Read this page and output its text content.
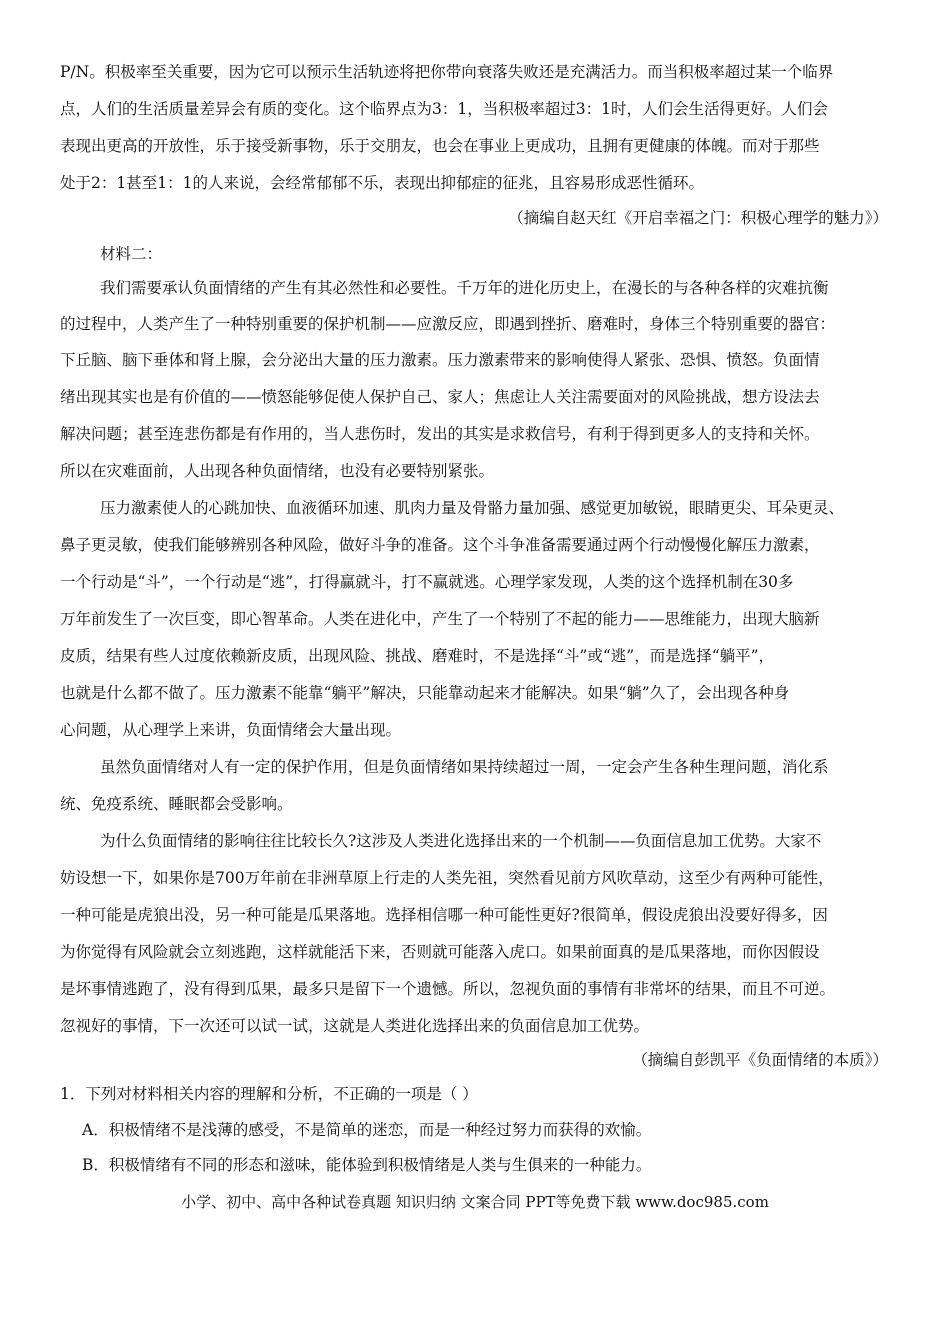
P/N。积极率至关重要，因为它可以预示生活轨迹将把你带向衰落失败还是充满活力。而当积极率超过某一个临界
点，人们的生活质量差异会有质的变化。这个临界点为3：1，当积极率超过3：1时，人们会生活得更好。人们会
表现出更高的开放性，乐于接受新事物，乐于交朋友，也会在事业上更成功，且拥有更健康的体魄。而对于那些
处于2：1甚至1：1的人来说，会经常郁郁不乐，表现出抑郁症的征兆，且容易形成恶性循环。
（摘编自赵天红《开启幸福之门：积极心理学的魅力》）
材料二：
我们需要承认负面情绪的产生有其必然性和必要性。千万年的进化历史上，在漫长的与各种各样的灾难抗衡
的过程中，人类产生了一种特别重要的保护机制——应激反应，即遇到挫折、磨难时，身体三个特别重要的器官：
下丘脑、脑下垂体和肾上腺，会分泌出大量的压力激素。压力激素带来的影响使得人紧张、恐惧、愤怒。负面情
绪出现其实也是有价值的——愤怒能够促使人保护自己、家人；焦虑让人关注需要面对的风险挑战，想方设法去
解决问题；甚至连悲伤都是有作用的，当人悲伤时，发出的其实是求救信号，有利于得到更多人的支持和关怀。
所以在灾难面前，人出现各种负面情绪，也没有必要特别紧张。
压力激素使人的心跳加快、血液循环加速、肌肉力量及骨骼力量加强、感觉更加敏锐，眼睛更尖、耳朵更灵、
鼻子更灵敏，使我们能够辨别各种风险，做好斗争的准备。这个斗争准备需要通过两个行动慢慢化解压力激素，
一个行动是“斗”，一个行动是“逃”，打得赢就斗，打不赢就逃。心理学家发现，人类的这个选择机制在30多
万年前发生了一次巨变，即心智革命。人类在进化中，产生了一个特别了不起的能力——思维能力，出现大脑新
皮质，结果有些人过度依赖新皮质，出现风险、挑战、磨难时，不是选择“斗”或“逃”，而是选择“躺平”，
也就是什么都不做了。压力激素不能靠“躺平”解决，只能靠动起来才能解决。如果“躺”久了，会出现各种身
心问题，从心理学上来讲，负面情绪会大量出现。
虽然负面情绪对人有一定的保护作用，但是负面情绪如果持续超过一周，一定会产生各种生理问题，消化系
统、免疫系统、睡眠都会受影响。
为什么负面情绪的影响往往比较长久?这涉及人类进化选择出来的一个机制——负面信息加工优势。大家不
妨设想一下，如果你是700万年前在非洲草原上行走的人类先祖，突然看见前方风吹草动，这至少有两种可能性，
一种可能是虎狼出没，另一种可能是瓜果落地。选择相信哪一种可能性更好?很简单，假设虎狼出没要好得多，因
为你觉得有风险就会立刻逃跑，这样就能活下来，否则就可能落入虎口。如果前面真的是瓜果落地，而你因假设
是坏事情逃跑了，没有得到瓜果，最多只是留下一个遗憾。所以，忽视负面的事情有非常坏的结果，而且不可逆。
忽视好的事情，下一次还可以试一试，这就是人类进化选择出来的负面信息加工优势。
（摘编自彭凯平《负面情绪的本质》）
1．下列对材料相关内容的理解和分析，不正确的一项是（ ）
A．积极情绪不是浅薄的感受，不是简单的迷恋，而是一种经过努力而获得的欢愉。
B．积极情绪有不同的形态和滋味，能体验到积极情绪是人类与生俱来的一种能力。
小学、初中、高中各种试卷真题 知识归纳 文案合同 PPT等免费下载 www.doc985.com
